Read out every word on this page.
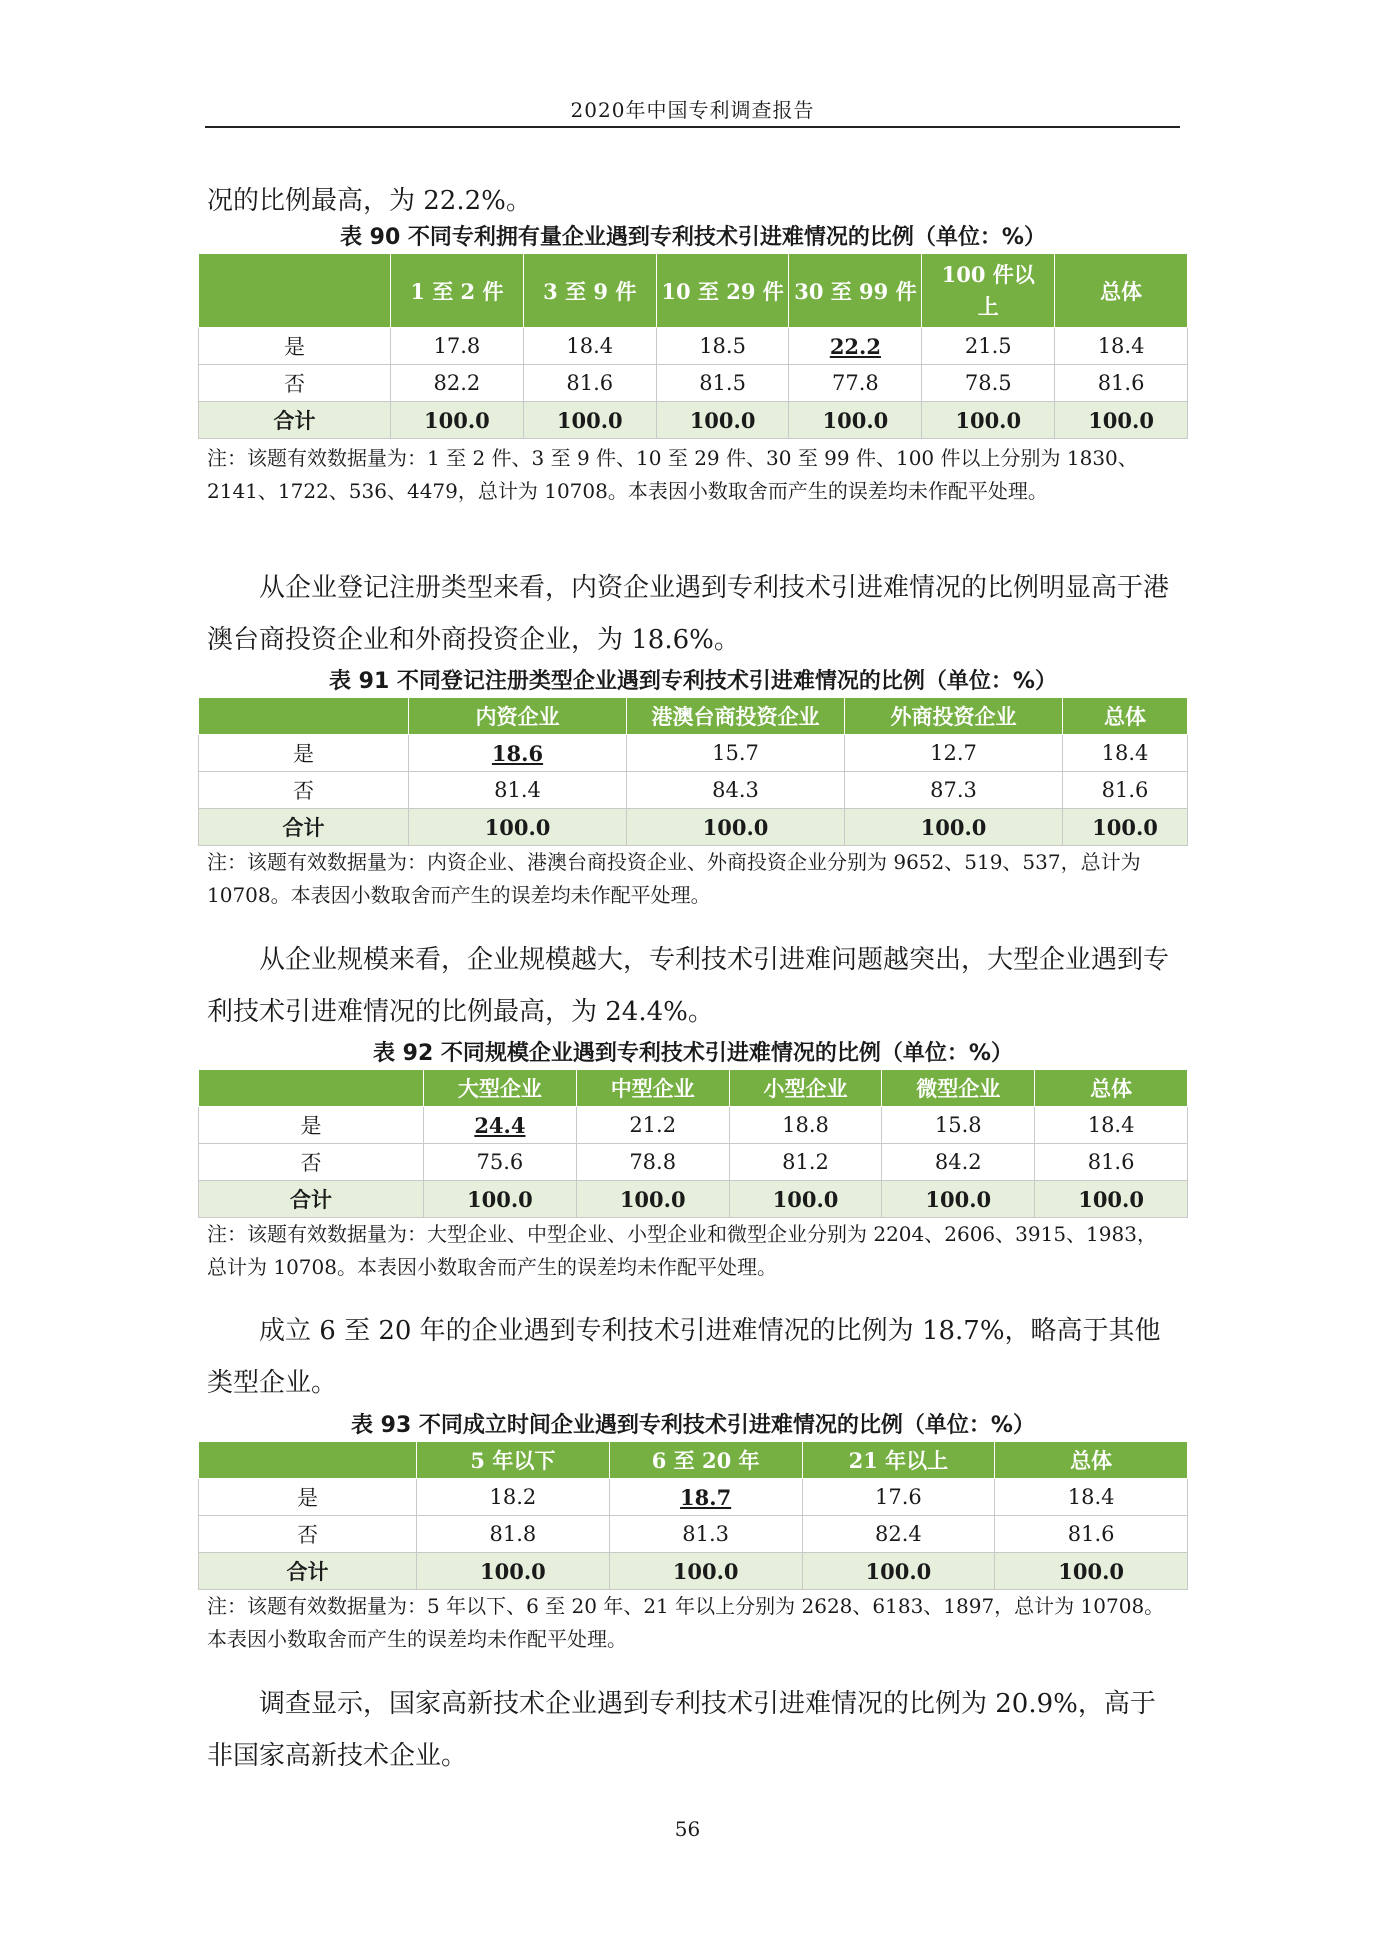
2020年中国专利调查报告
况的比例最高，为 22.2%。
表 90 不同专利拥有量企业遇到专利技术引进难情况的比例（单位：%）
	1 至 2 件	3 至 9 件	10 至 29 件	30 至 99 件	100 件以上	总体
是	17.8	18.4	18.5	22.2	21.5	18.4
否	82.2	81.6	81.5	77.8	78.5	81.6
合计	100.0	100.0	100.0	100.0	100.0	100.0
注：该题有效数据量为：1 至 2 件、3 至 9 件、10 至 29 件、30 至 99 件、100 件以上分别为 1830、2141、1722、536、4479，总计为 10708。本表因小数取舍而产生的误差均未作配平处理。
从企业登记注册类型来看，内资企业遇到专利技术引进难情况的比例明显高于港澳台商投资企业和外商投资企业，为 18.6%。
表 91 不同登记注册类型企业遇到专利技术引进难情况的比例（单位：%）
	内资企业	港澳台商投资企业	外商投资企业	总体
是	18.6	15.7	12.7	18.4
否	81.4	84.3	87.3	81.6
合计	100.0	100.0	100.0	100.0
注：该题有效数据量为：内资企业、港澳台商投资企业、外商投资企业分别为 9652、519、537，总计为 10708。本表因小数取舍而产生的误差均未作配平处理。
从企业规模来看，企业规模越大，专利技术引进难问题越突出，大型企业遇到专利技术引进难情况的比例最高，为 24.4%。
表 92 不同规模企业遇到专利技术引进难情况的比例（单位：%）
	大型企业	中型企业	小型企业	微型企业	总体
是	24.4	21.2	18.8	15.8	18.4
否	75.6	78.8	81.2	84.2	81.6
合计	100.0	100.0	100.0	100.0	100.0
注：该题有效数据量为：大型企业、中型企业、小型企业和微型企业分别为 2204、2606、3915、1983，总计为 10708。本表因小数取舍而产生的误差均未作配平处理。
成立 6 至 20 年的企业遇到专利技术引进难情况的比例为 18.7%，略高于其他类型企业。
表 93 不同成立时间企业遇到专利技术引进难情况的比例（单位：%）
	5 年以下	6 至 20 年	21 年以上	总体
是	18.2	18.7	17.6	18.4
否	81.8	81.3	82.4	81.6
合计	100.0	100.0	100.0	100.0
注：该题有效数据量为：5 年以下、6 至 20 年、21 年以上分别为 2628、6183、1897，总计为 10708。本表因小数取舍而产生的误差均未作配平处理。
调查显示，国家高新技术企业遇到专利技术引进难情况的比例为 20.9%，高于非国家高新技术企业。
56
